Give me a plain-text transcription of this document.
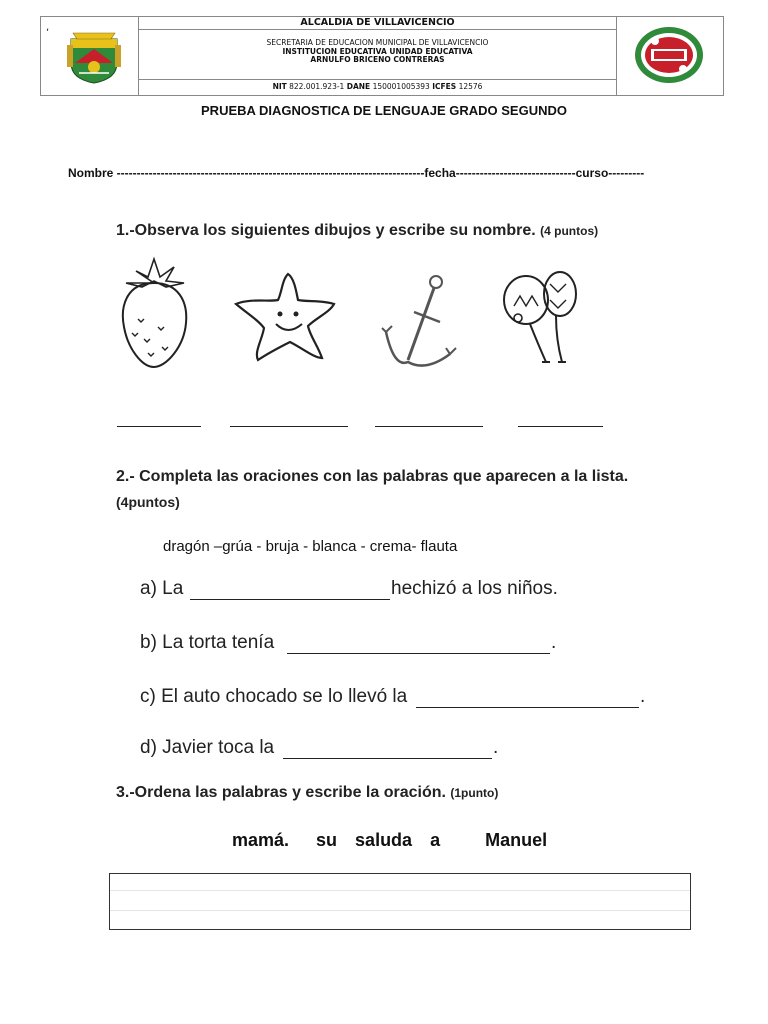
,	ALCALDIA DE VILLAVICENCIO
SECRETARIA DE EDUCACION MUNICIPAL DE VILLAVICENCIO
INSTITUCION EDUCATIVA UNIDAD EDUCATIVA
ARNULFO BRICENO CONTRERAS
NIT 822.001.923-1 DANE 150001005393 ICFES 12576
PRUEBA DIAGNOSTICA DE LENGUAJE GRADO SEGUNDO
Nombre -----------------------------------------------------------------------------fecha------------------------------curso---------
1.-Observa los siguientes dibujos y escribe su nombre. (4 puntos)
2.- Completa las oraciones con las palabras que aparecen a la lista.
(4puntos)
dragón –grúa - bruja - blanca - crema- flauta
a) La	hechizó a los niños.
b) La torta tenía	.
c) El auto chocado se lo llevó la	.
d) Javier toca la	.
3.-Ordena las palabras y escribe la oración. (1punto)
mamá.   su  saluda  a     Manuel
